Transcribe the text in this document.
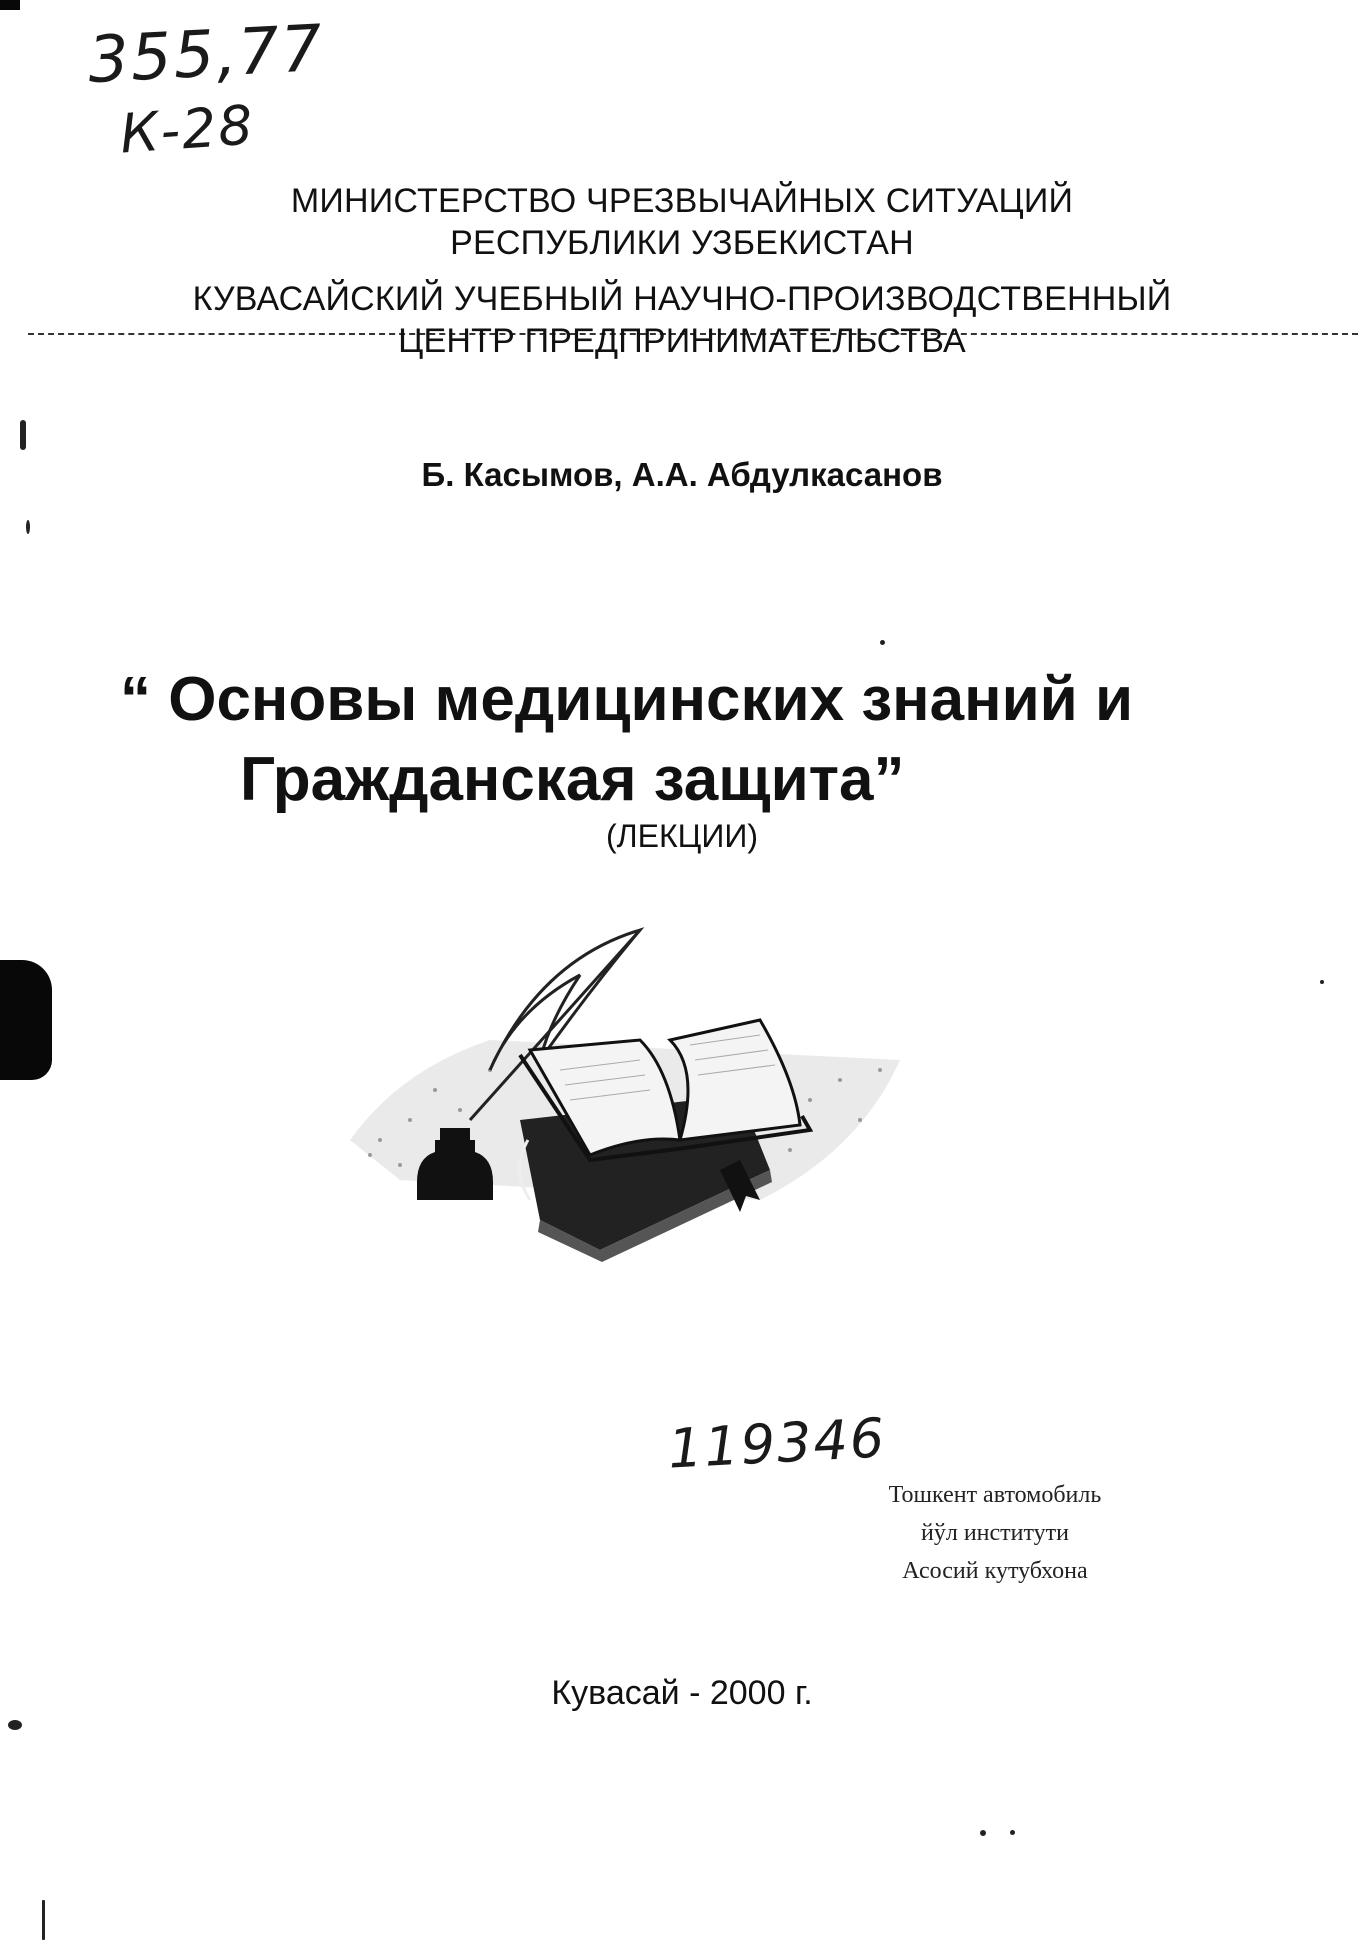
355,77
К-28
МИНИСТЕРСТВО ЧРЕЗВЫЧАЙНЫХ СИТУАЦИЙ
РЕСПУБЛИКИ УЗБЕКИСТАН
КУВАСАЙСКИЙ УЧЕБНЫЙ НАУЧНО-ПРОИЗВОДСТВЕННЫЙ
ЦЕНТР ПРЕДПРИНИМАТЕЛЬСТВА
Б. Касымов, А.А. Абдулкасанов
“ Основы медицинских знаний и
Гражданская защита”
(ЛЕКЦИИ)
119346
Тошкент автомобиль
йўл институти
Асосий кутубхона
Кувасай - 2000 г.
